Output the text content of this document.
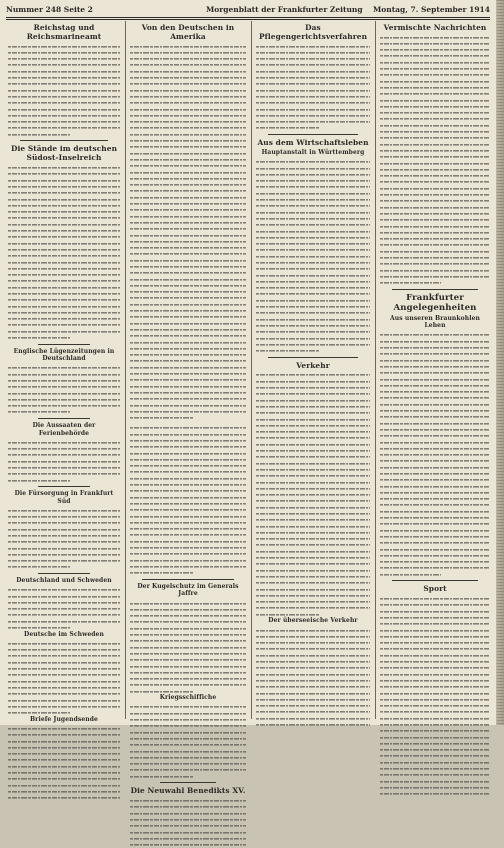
Nummer 248 Seite 2	Morgenblatt der Frankfurter Zeitung Montag, 7. September 1914
Reichstag und Reichsmarineamt
Die Stände im deutschen Südost-Inselreich
Englische Lügenzeitungen in Deutschland
Die Aussaaten der Ferienbehörde
Die Fürsorgung in Frankfurt Süd
Deutschland und Schweden
Deutsche im Schweden
Briefe Jugendsende
Von den Deutschen in Amerika
Der Kugelschutz im Generals Jaffre
Kriegsschiffiche
Die Neuwahl Benedikts XV.
Das Pflegengerichtsverfahren
Aus dem Wirtschaftsleben
Hauptanstalt in Württemberg
Verkehr
Der überseeische Verkehr
Vermischte Nachrichten
Frankfurter Angelegenheiten
Aus unseren Braunkohlen Lehen
Sport
